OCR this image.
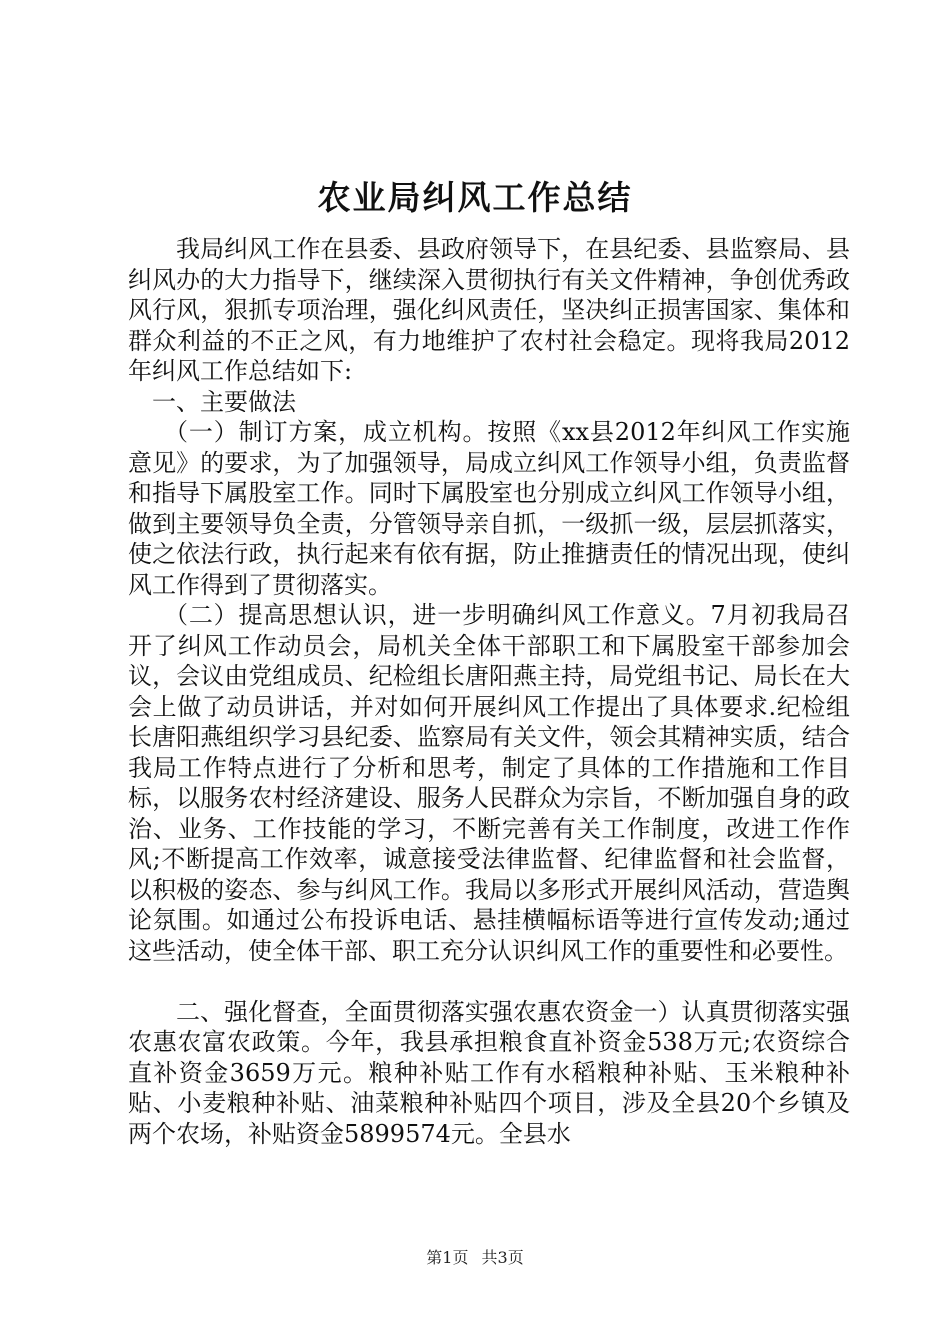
农业局纠风工作总结

我局纠风工作在县委、县政府领导下，在县纪委、县监察局、县纠风办的大力指导下，继续深入贯彻执行有关文件精神，争创优秀政风行风，狠抓专项治理，强化纠风责任，坚决纠正损害国家、集体和群众利益的不正之风，有力地维护了农村社会稳定。现将我局2012年纠风工作总结如下:

一、主要做法

（一）制订方案，成立机构。按照《xx县2012年纠风工作实施意见》的要求，为了加强领导，局成立纠风工作领导小组，负责监督和指导下属股室工作。同时下属股室也分别成立纠风工作领导小组，做到主要领导负全责，分管领导亲自抓，一级抓一级，层层抓落实，使之依法行政，执行起来有依有据，防止推搪责任的情况出现，使纠风工作得到了贯彻落实。

（二）提高思想认识，进一步明确纠风工作意义。7月初我局召开了纠风工作动员会，局机关全体干部职工和下属股室干部参加会议，会议由党组成员、纪检组长唐阳燕主持，局党组书记、局长在大会上做了动员讲话，并对如何开展纠风工作提出了具体要求.纪检组长唐阳燕组织学习县纪委、监察局有关文件，领会其精神实质，结合我局工作特点进行了分析和思考，制定了具体的工作措施和工作目标，以服务农村经济建设、服务人民群众为宗旨，不断加强自身的政治、业务、工作技能的学习，不断完善有关工作制度，改进工作作风;不断提高工作效率，诚意接受法律监督、纪律监督和社会监督，以积极的姿态、参与纠风工作。我局以多形式开展纠风活动，营造舆论氛围。如通过公布投诉电话、悬挂横幅标语等进行宣传发动;通过这些活动，使全体干部、职工充分认识纠风工作的重要性和必要性。

二、强化督查，全面贯彻落实强农惠农资金一）认真贯彻落实强农惠农富农政策。今年，我县承担粮食直补资金538万元;农资综合直补资金3659万元。粮种补贴工作有水稻粮种补贴、玉米粮种补贴、小麦粮种补贴、油菜粮种补贴四个项目，涉及全县20个乡镇及两个农场，补贴资金5899574元。全县水

第1页 共3页
